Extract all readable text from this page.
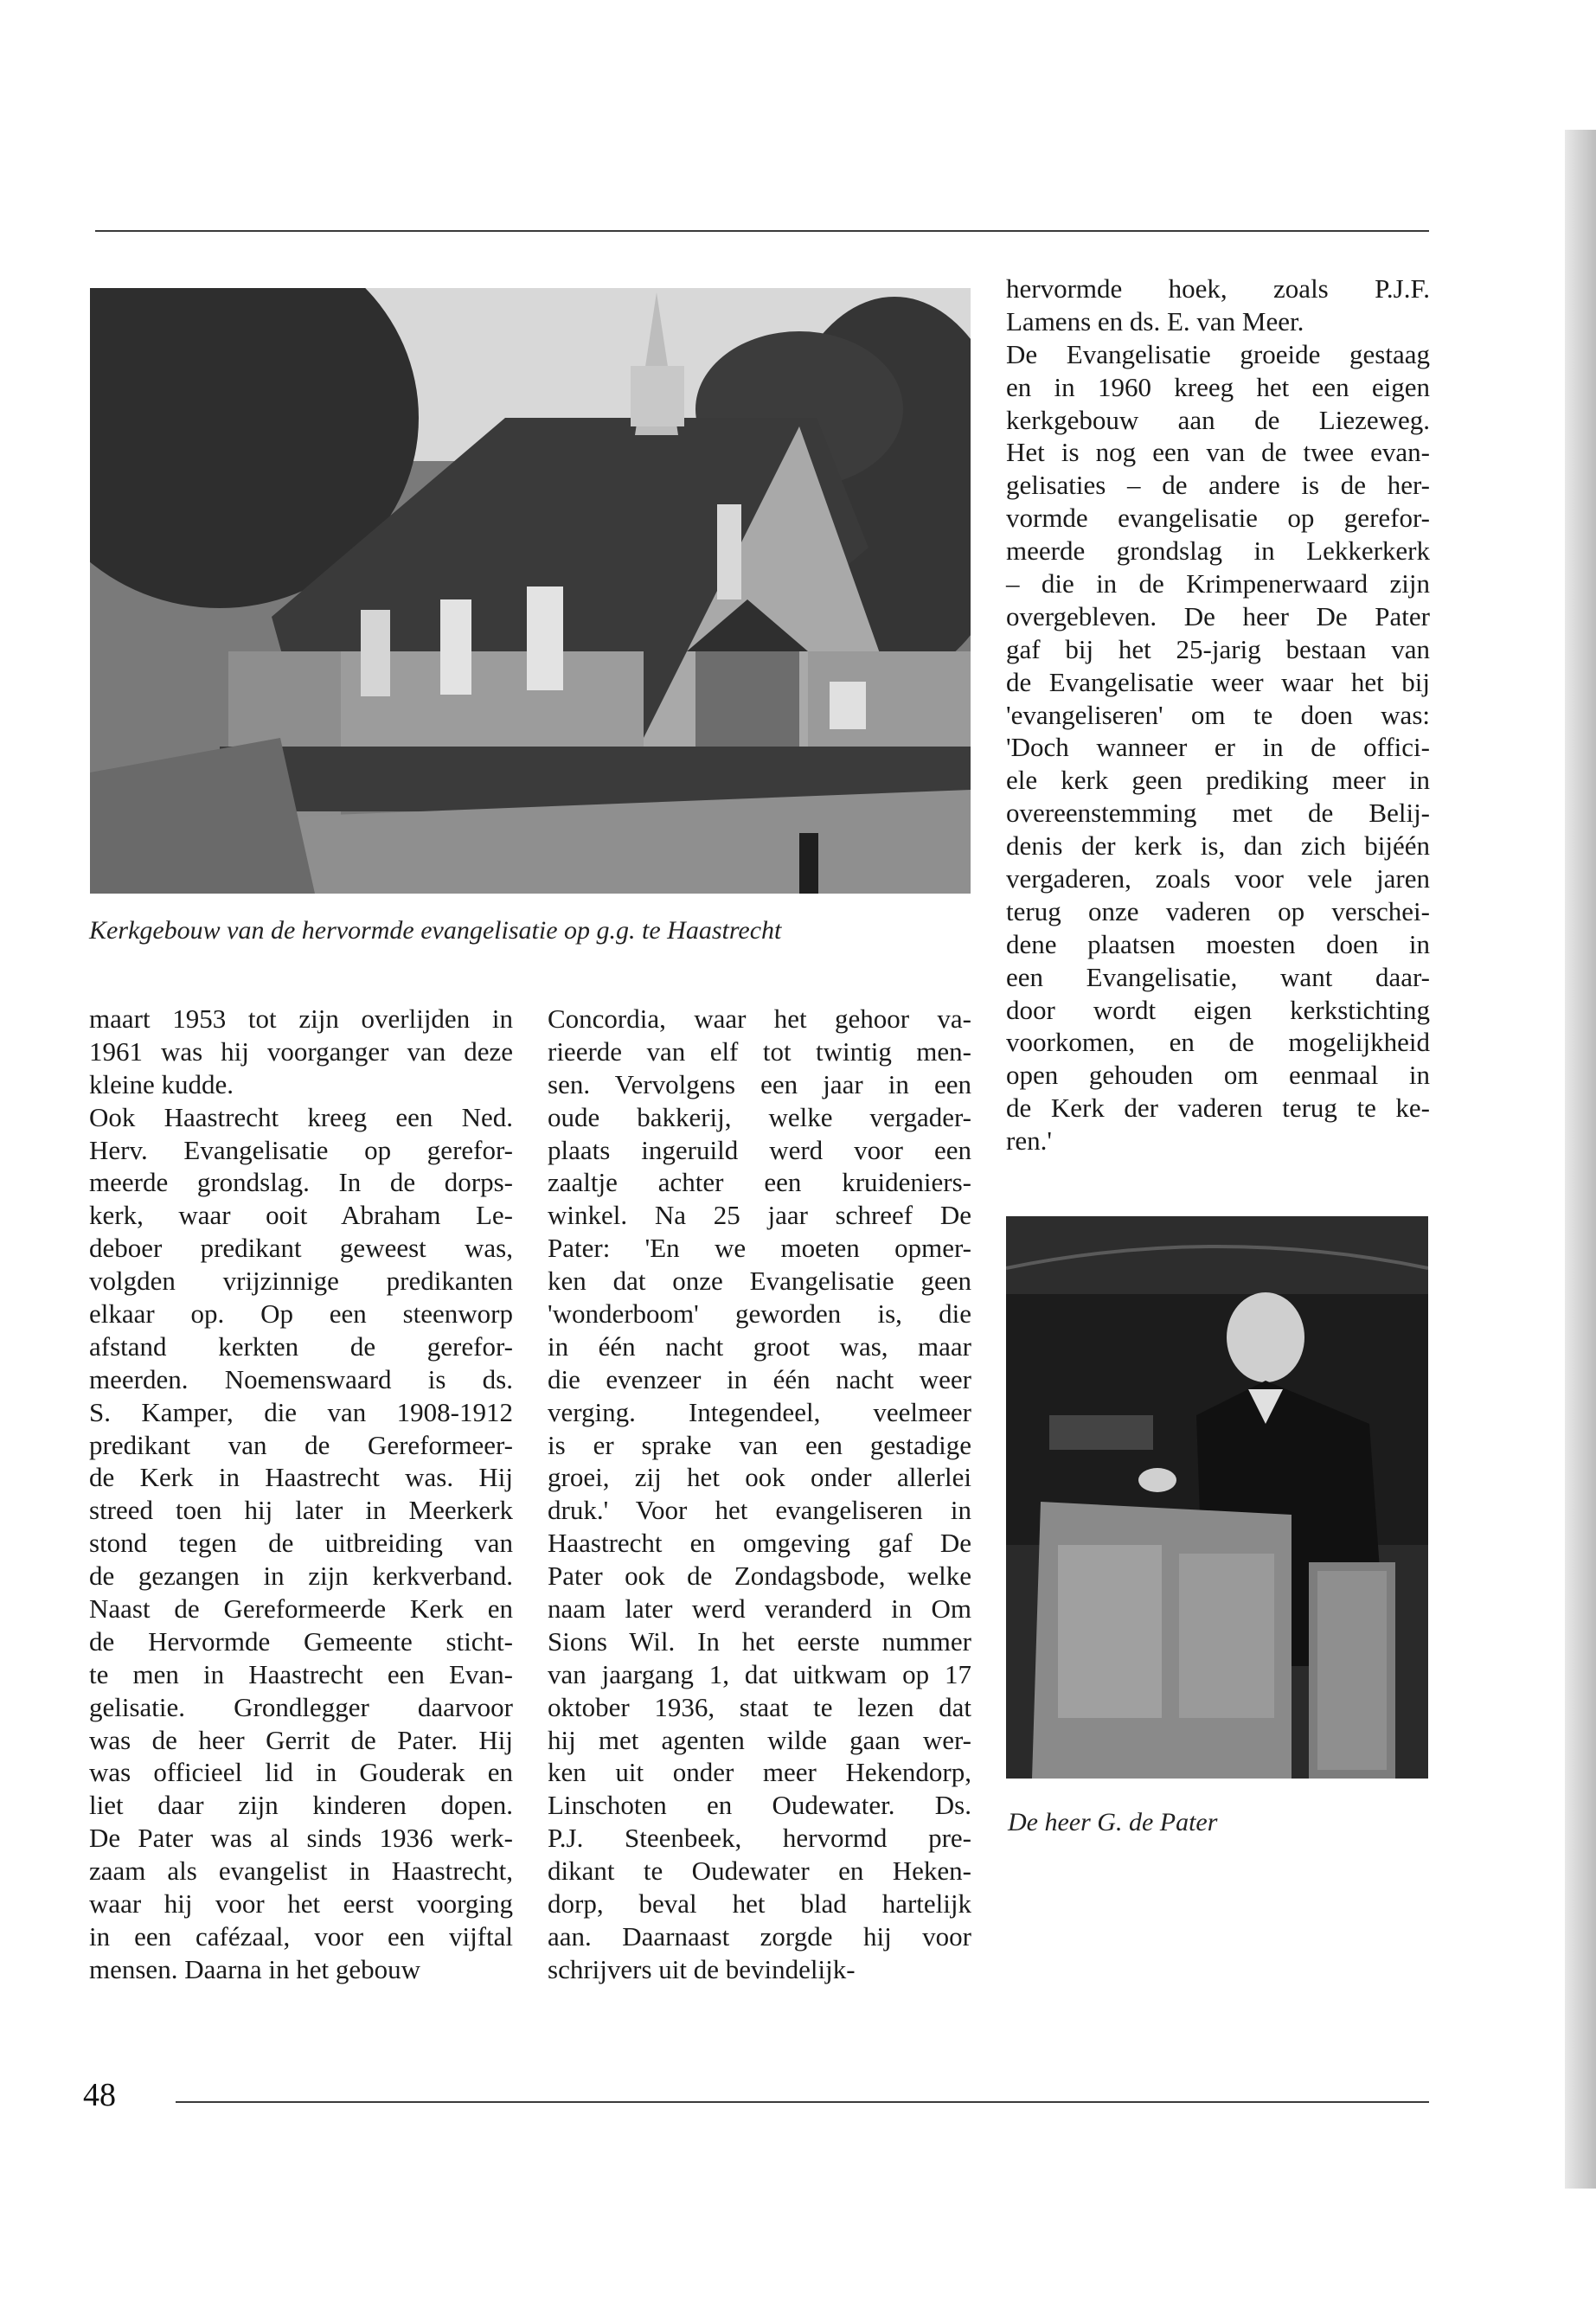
Kerkgebouw van de hervormde evangelisatie op g.g. te Haastrecht
De heer G. de Pater
maart 1953 tot zijn overlijden in
1961 was hij voorganger van deze
kleine kudde.
Ook Haastrecht kreeg een Ned.
Herv. Evangelisatie op gerefor-
meerde grondslag. In de dorps-
kerk, waar ooit Abraham Le-
deboer predikant geweest was,
volgden vrijzinnige predikanten
elkaar op. Op een steenworp
afstand kerkten de gerefor-
meerden. Noemenswaard is ds.
S. Kamper, die van 1908-1912
predikant van de Gereformeer-
de Kerk in Haastrecht was. Hij
streed toen hij later in Meerkerk
stond tegen de uitbreiding van
de gezangen in zijn kerkverband.
Naast de Gereformeerde Kerk en
de Hervormde Gemeente sticht-
te men in Haastrecht een Evan-
gelisatie. Grondlegger daarvoor
was de heer Gerrit de Pater. Hij
was officieel lid in Gouderak en
liet daar zijn kinderen dopen.
De Pater was al sinds 1936 werk-
zaam als evangelist in Haastrecht,
waar hij voor het eerst voorging
in een cafézaal, voor een vijftal
mensen. Daarna in het gebouw
Concordia, waar het gehoor va-
rieerde van elf tot twintig men-
sen. Vervolgens een jaar in een
oude bakkerij, welke vergader-
plaats ingeruild werd voor een
zaaltje achter een kruideniers-
winkel. Na 25 jaar schreef De
Pater: 'En we moeten opmer-
ken dat onze Evangelisatie geen
'wonderboom' geworden is, die
in één nacht groot was, maar
die evenzeer in één nacht weer
verging. Integendeel, veelmeer
is er sprake van een gestadige
groei, zij het ook onder allerlei
druk.' Voor het evangeliseren in
Haastrecht en omgeving gaf De
Pater ook de Zondagsbode, welke
naam later werd veranderd in Om
Sions Wil. In het eerste nummer
van jaargang 1, dat uitkwam op 17
oktober 1936, staat te lezen dat
hij met agenten wilde gaan wer-
ken uit onder meer Hekendorp,
Linschoten en Oudewater. Ds.
P.J. Steenbeek, hervormd pre-
dikant te Oudewater en Heken-
dorp, beval het blad hartelijk
aan. Daarnaast zorgde hij voor
schrijvers uit de bevindelijk-
hervormde hoek, zoals P.J.F.
Lamens en ds. E. van Meer.
De Evangelisatie groeide gestaag
en in 1960 kreeg het een eigen
kerkgebouw aan de Liezeweg.
Het is nog een van de twee evan-
gelisaties – de andere is de her-
vormde evangelisatie op gerefor-
meerde grondslag in Lekkerkerk
– die in de Krimpenerwaard zijn
overgebleven. De heer De Pater
gaf bij het 25-jarig bestaan van
de Evangelisatie weer waar het bij
'evangeliseren' om te doen was:
'Doch wanneer er in de offici-
ele kerk geen prediking meer in
overeenstemming met de Belij-
denis der kerk is, dan zich bijéén
vergaderen, zoals voor vele jaren
terug onze vaderen op verschei-
dene plaatsen moesten doen in
een Evangelisatie, want daar-
door wordt eigen kerkstichting
voorkomen, en de mogelijkheid
open gehouden om eenmaal in
de Kerk der vaderen terug te ke-
ren.'
48
